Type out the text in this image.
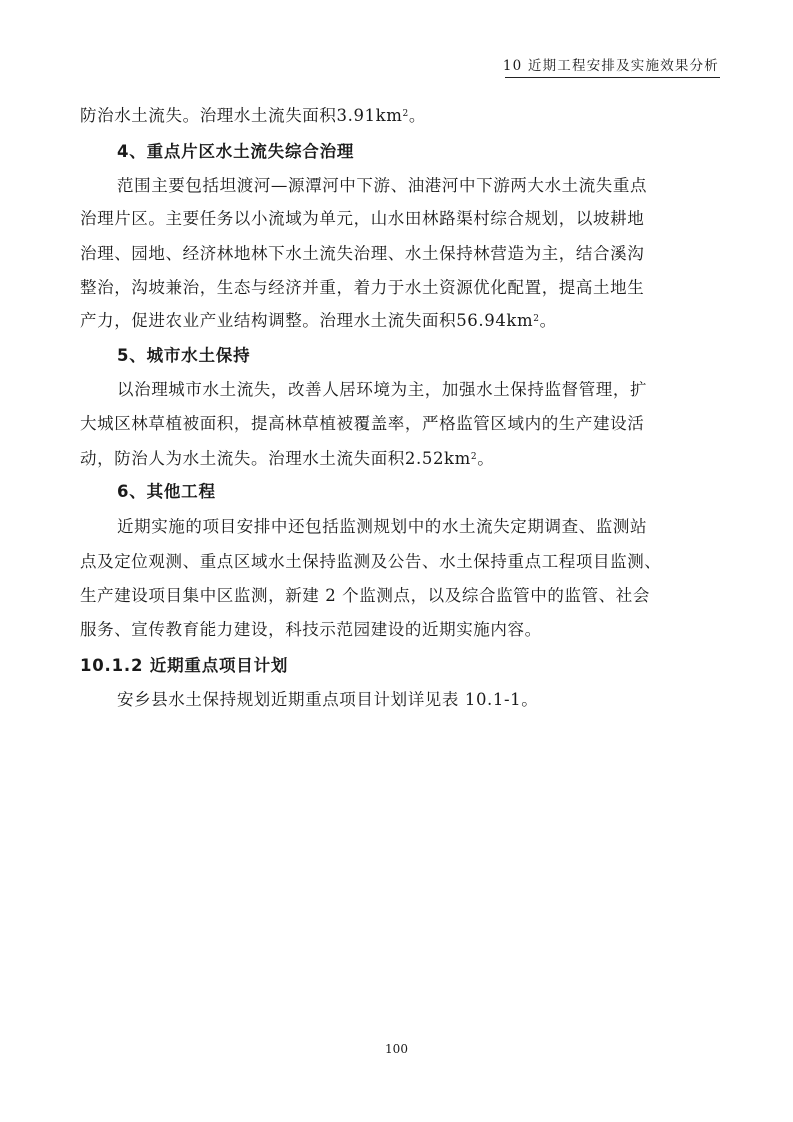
10 近期工程安排及实施效果分析
防治水土流失。治理水土流失面积$3.91km^2$。
4、重点片区水土流失综合治理
范围主要包括坦渡河—源潭河中下游、油港河中下游两大水土流失重点
治理片区。主要任务以小流域为单元，山水田林路渠村综合规划，以坡耕地
治理、园地、经济林地林下水土流失治理、水土保持林营造为主，结合溪沟
整治，沟坡兼治，生态与经济并重，着力于水土资源优化配置，提高土地生
产力，促进农业产业结构调整。治理水土流失面积$56.94km^2$。
5、城市水土保持
以治理城市水土流失，改善人居环境为主，加强水土保持监督管理，扩
大城区林草植被面积，提高林草植被覆盖率，严格监管区域内的生产建设活
动，防治人为水土流失。治理水土流失面积$2.52km^2$。
6、其他工程
近期实施的项目安排中还包括监测规划中的水土流失定期调查、监测站
点及定位观测、重点区域水土保持监测及公告、水土保持重点工程项目监测、
生产建设项目集中区监测，新建 2 个监测点，以及综合监管中的监管、社会
服务、宣传教育能力建设，科技示范园建设的近期实施内容。
10.1.2 近期重点项目计划
安乡县水土保持规划近期重点项目计划详见表 10.1-1。
100
